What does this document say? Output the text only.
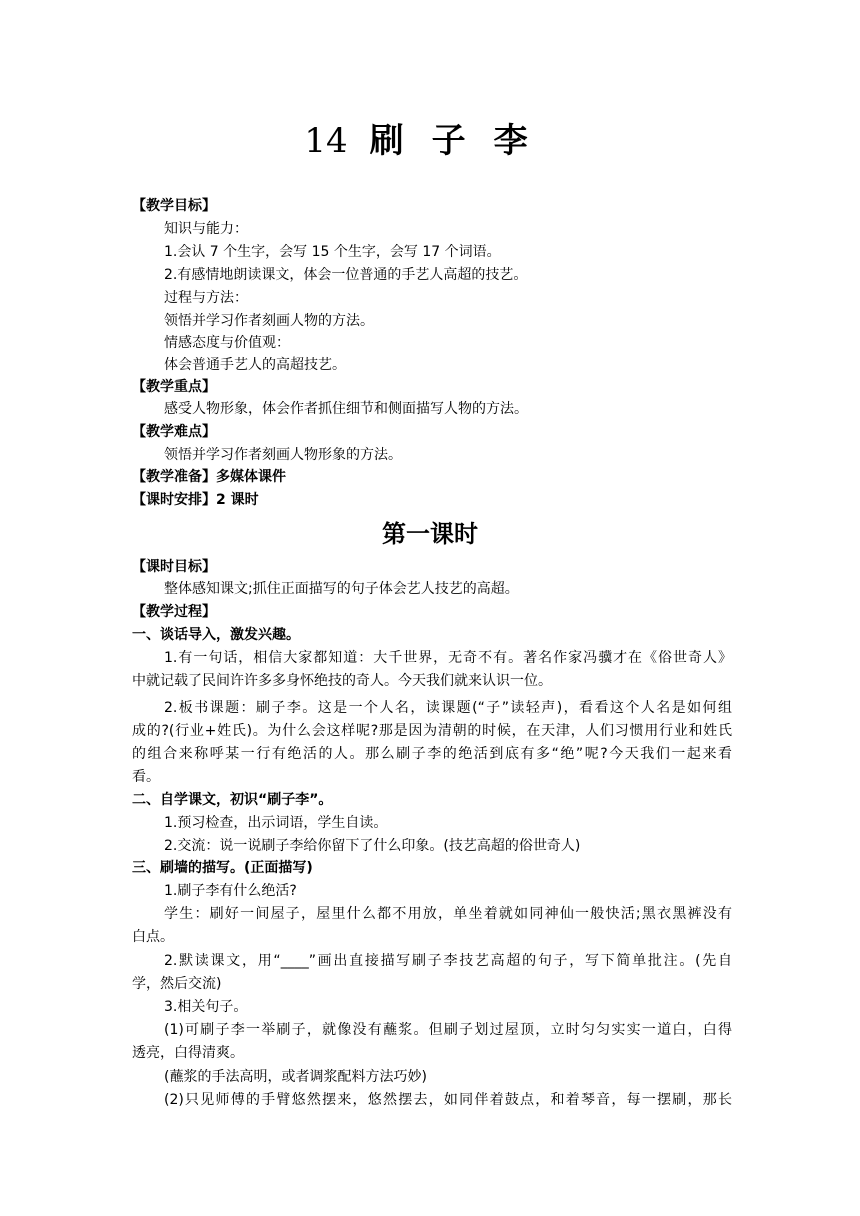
14 刷子李
【教学目标】
知识与能力：
1.会认 7 个生字，会写 15 个生字，会写 17 个词语。
2.有感情地朗读课文，体会一位普通的手艺人高超的技艺。
过程与方法：
领悟并学习作者刻画人物的方法。
情感态度与价值观：
体会普通手艺人的高超技艺。
【教学重点】
感受人物形象，体会作者抓住细节和侧面描写人物的方法。
【教学难点】
领悟并学习作者刻画人物形象的方法。
【教学准备】多媒体课件
【课时安排】2 课时
第一课时
【课时目标】
整体感知课文;抓住正面描写的句子体会艺人技艺的高超。
【教学过程】
一、谈话导入，激发兴趣。
1.有一句话，相信大家都知道：大千世界，无奇不有。著名作家冯骥才在《俗世奇人》
中就记载了民间许许多多身怀绝技的奇人。今天我们就来认识一位。
2.板书课题：刷子李。这是一个人名，读课题(“子”读轻声)，看看这个人名是如何组
成的?(行业+姓氏)。为什么会这样呢?那是因为清朝的时候，在天津，人们习惯用行业和姓氏
的组合来称呼某一行有绝活的人。那么刷子李的绝活到底有多“绝”呢?今天我们一起来看
看。
二、自学课文，初识“刷子李”。
1.预习检查，出示词语，学生自读。
2.交流：说一说刷子李给你留下了什么印象。(技艺高超的俗世奇人)
三、刷墙的描写。(正面描写)
1.刷子李有什么绝活?
学生：刷好一间屋子，屋里什么都不用放，单坐着就如同神仙一般快活;黑衣黑裤没有
白点。
2.默读课文，用“____”画出直接描写刷子李技艺高超的句子，写下简单批注。(先自
学，然后交流)
3.相关句子。
(1)可刷子李一举刷子，就像没有蘸浆。但刷子划过屋顶，立时匀匀实实一道白，白得
透亮，白得清爽。
(蘸浆的手法高明，或者调浆配料方法巧妙)
(2)只见师傅的手臂悠然摆来，悠然摆去，如同伴着鼓点，和着琴音，每一摆刷，那长
